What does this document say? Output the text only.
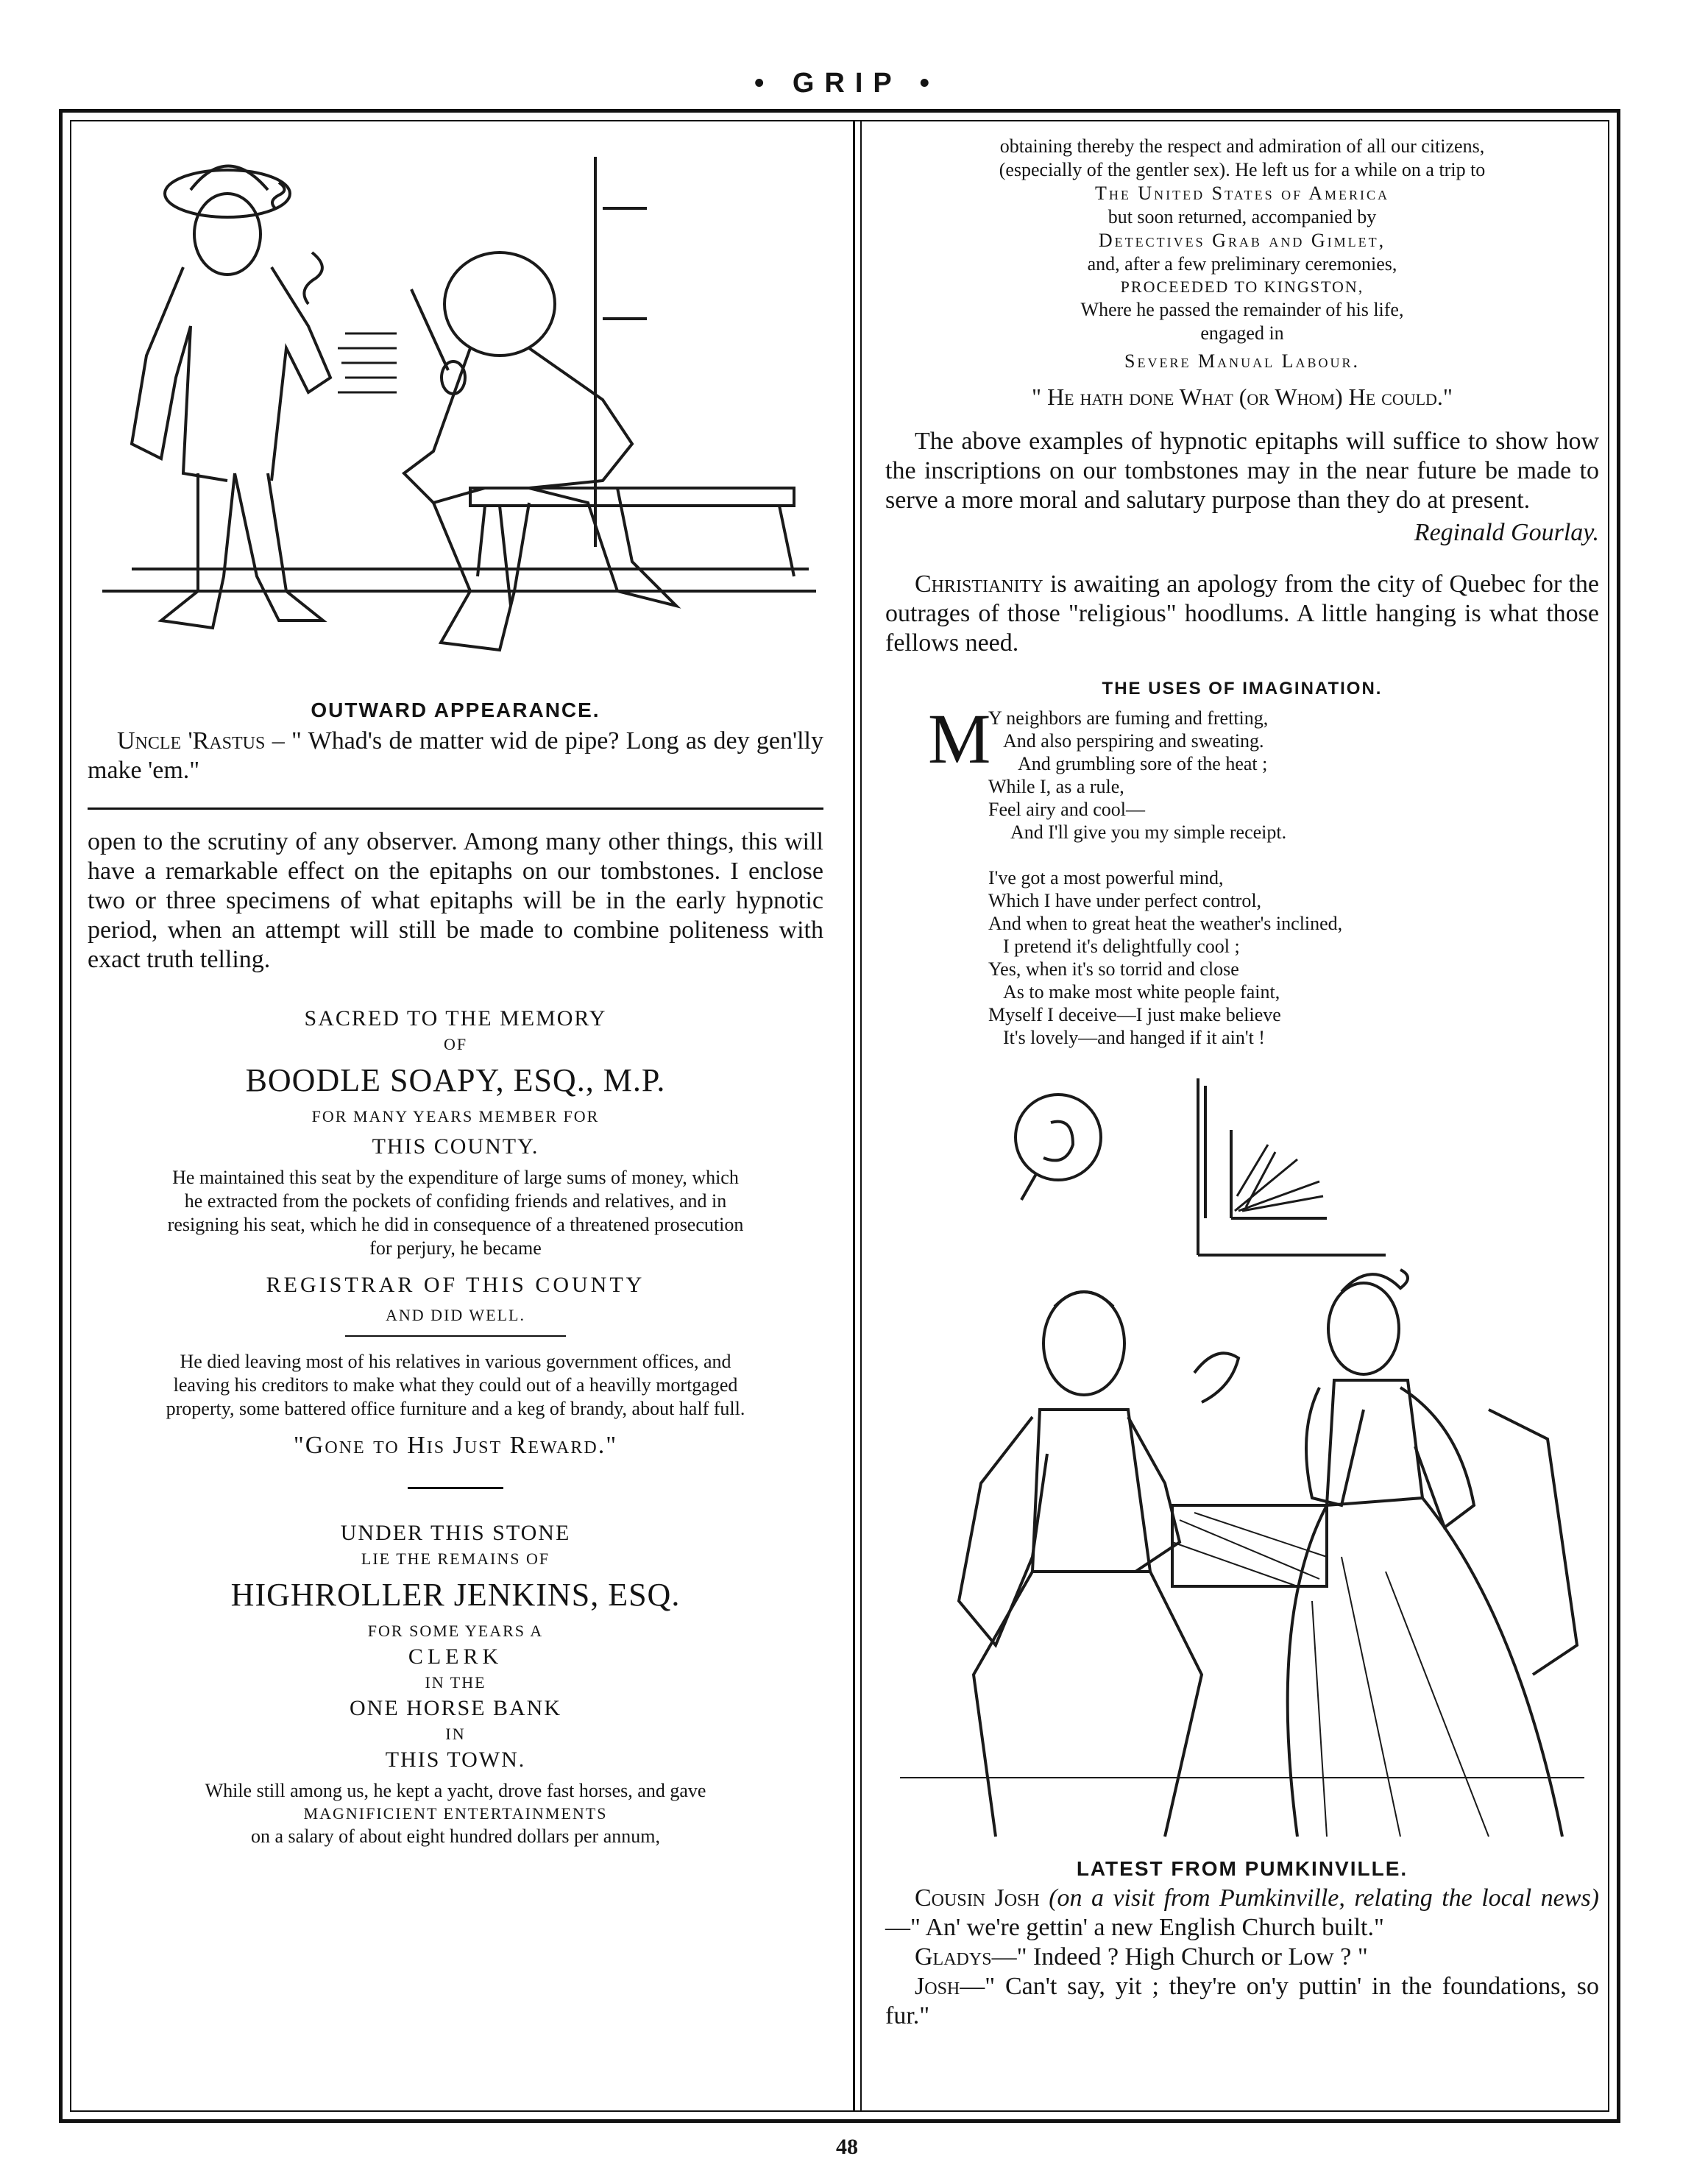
• GRIP •
OUTWARD APPEARANCE.

Uncle 'Rastus – " Whad's de matter wid de pipe? Long as dey gen'lly make 'em."

open to the scrutiny of any observer. Among many other things, this will have a remarkable effect on the epitaphs on our tombstones. I enclose two or three specimens of what epitaphs will be in the early hypnotic period, when an attempt will still be made to combine politeness with exact truth telling.

SACRED TO THE MEMORY

OF

BOODLE SOAPY, ESQ., M.P.

FOR MANY YEARS MEMBER FOR

THIS COUNTY.

He maintained this seat by the expenditure of large sums of money, which he extracted from the pockets of confiding friends and relatives, and in resigning his seat, which he did in consequence of a threatened prosecution for perjury, he became

REGISTRAR OF THIS COUNTY

AND DID WELL.

He died leaving most of his relatives in various government offices, and leaving his creditors to make what they could out of a heavilly mortgaged property, some battered office furniture and a keg of brandy, about half full.

"Gone to His Just Reward."

UNDER THIS STONE

LIE THE REMAINS OF

HIGHROLLER JENKINS, ESQ.

FOR SOME YEARS A

CLERK

IN THE

ONE HORSE BANK

IN

THIS TOWN.

While still among us, he kept a yacht, drove fast horses, and gave

MAGNIFICIENT ENTERTAINMENTS

on a salary of about eight hundred dollars per annum,

obtaining thereby the respect and admiration of all our citizens, (especially of the gentler sex). He left us for a while on a trip to

The United States of America

but soon returned, accompanied by

Detectives Grab and Gimlet,

and, after a few preliminary ceremonies,

PROCEEDED TO KINGSTON,

Where he passed the remainder of his life, engaged in

Severe Manual Labour.

" He hath done What (or Whom) He could."

The above examples of hypnotic epitaphs will suffice to show how the inscriptions on our tombstones may in the near future be made to serve a more moral and salutary purpose than they do at present.

Reginald Gourlay.

Christianity is awaiting an apology from the city of Quebec for the outrages of those "religious" hoodlums. A little hanging is what those fellows need.

THE USES OF IMAGINATION.
M

Y neighbors are fuming and fretting,

And also perspiring and sweating.

And grumbling sore of the heat ;

While I, as a rule,

Feel airy and cool—

And I'll give you my simple receipt.

I've got a most powerful mind,

Which I have under perfect control,

And when to great heat the weather's inclined,

I pretend it's delightfully cool ;

Yes, when it's so torrid and close

As to make most white people faint,

Myself I deceive—I just make believe

It's lovely—and hanged if it ain't !

LATEST FROM PUMKINVILLE.

Cousin Josh (on a visit from Pumkinville, relating the local news)—" An' we're gettin' a new English Church built."

Gladys—" Indeed ? High Church or Low ? "

Josh—" Can't say, yit ; they're on'y puttin' in the foundations, so fur."

48
